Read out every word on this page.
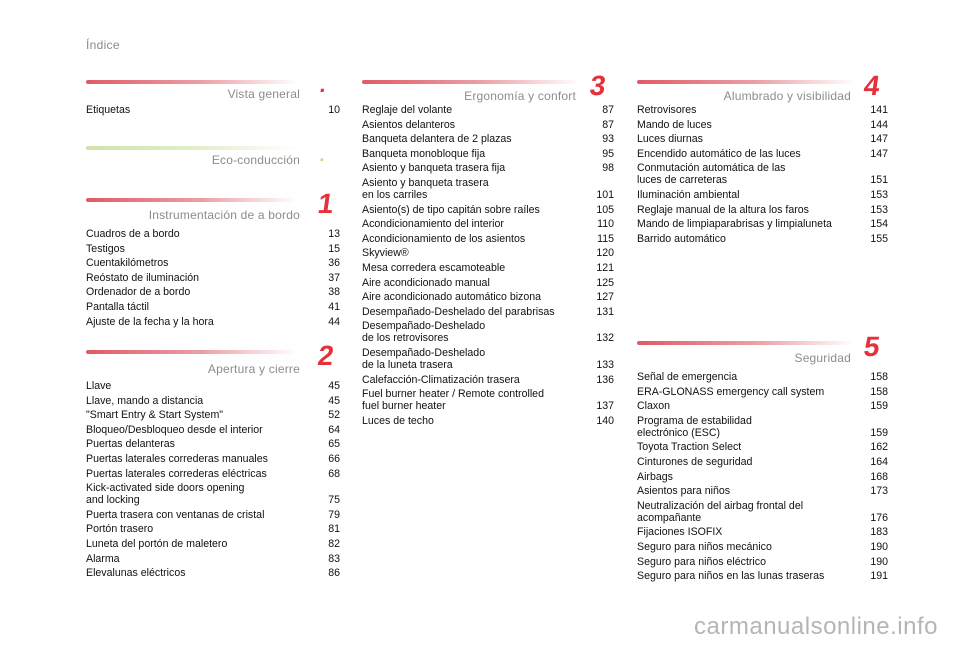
Índice
Vista general .
Etiquetas	10
Eco-conducción .
Instrumentación de a bordo 1
Cuadros de a bordo	13
Testigos	15
Cuentakilómetros	36
Reóstato de iluminación	37
Ordenador de a bordo	38
Pantalla táctil	41
Ajuste de la fecha y la hora	44
Apertura y cierre 2
Llave	45
Llave, mando a distancia	45
"Smart Entry & Start System"	52
Bloqueo/Desbloqueo desde el interior	64
Puertas delanteras	65
Puertas laterales correderas manuales	66
Puertas laterales correderas eléctricas	68
Kick-activated side doors opening
and locking	75
Puerta trasera con ventanas de cristal	79
Portón trasero	81
Luneta del portón de maletero	82
Alarma	83
Elevalunas eléctricos	86
Ergonomía y confort 3
Reglaje del volante	87
Asientos delanteros	87
Banqueta delantera de 2 plazas	93
Banqueta monobloque fija	95
Asiento y banqueta trasera fija	98
Asiento y banqueta trasera
en los carriles	101
Asiento(s) de tipo capitán sobre raíles	105
Acondicionamiento del interior	110
Acondicionamiento de los asientos	115
Skyview®	120
Mesa corredera escamoteable	121
Aire acondicionado manual	125
Aire acondicionado automático bizona	127
Desempañado-Deshelado del parabrisas	131
Desempañado-Deshelado
de los retrovisores	132
Desempañado-Deshelado
de la luneta trasera	133
Calefacción-Climatización trasera	136
Fuel burner heater / Remote controlled
fuel burner heater	137
Luces de techo	140
Alumbrado y visibilidad 4
Retrovisores	141
Mando de luces	144
Luces diurnas	147
Encendido automático de las luces	147
Conmutación automática de las
luces de carreteras	151
Iluminación ambiental	153
Reglaje manual de la altura los faros	153
Mando de limpiaparabrisas y limpialuneta	154
Barrido automático	155
Seguridad 5
Señal de emergencia	158
ERA-GLONASS emergency call system	158
Claxon	159
Programa de estabilidad
electrónico (ESC)	159
Toyota Traction Select	162
Cinturones de seguridad	164
Airbags	168
Asientos para niños	173
Neutralización del airbag frontal del
acompañante	176
Fijaciones ISOFIX	183
Seguro para niños mecánico	190
Seguro para niños eléctrico	190
Seguro para niños en las lunas traseras	191
carmanualsonline.info
